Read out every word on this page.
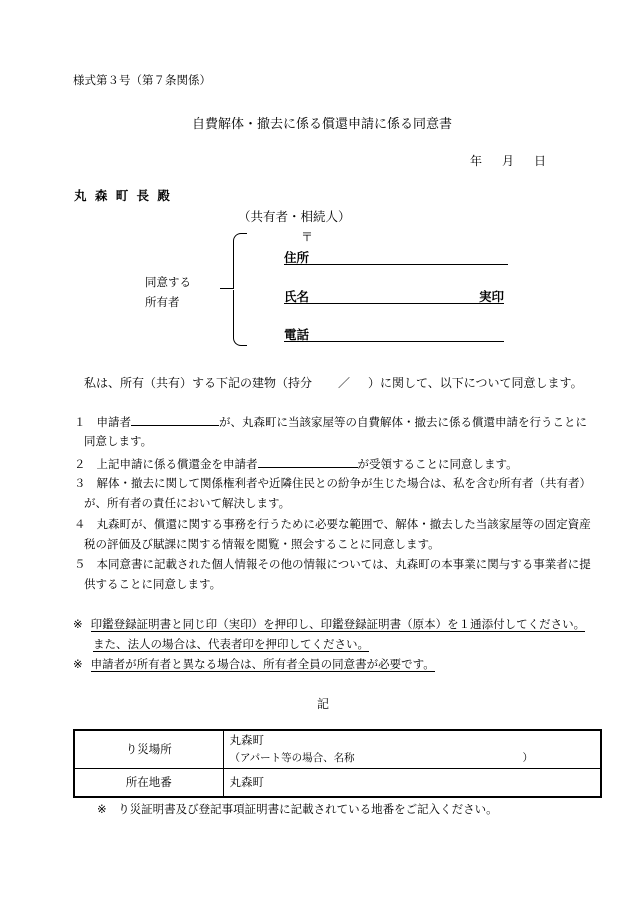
様式第３号（第７条関係）
自費解体・撤去に係る償還申請に係る同意書
年 月 日
丸 森 町 長 殿
（共有者・相続人）
〒
同意する
所有者
住所
氏名	実印
電話
私は、所有（共有）する下記の建物（持分 ／ ）に関して、以下について同意します。
１ 申請者	が、丸森町に当該家屋等の自費解体・撤去に係る償還申請を行うことに
同意します。
２ 上記申請に係る償還金を申請者	が受領することに同意します。
３ 解体・撤去に関して関係権利者や近隣住民との紛争が生じた場合は、私を含む所有者（共有者）
が、所有者の責任において解決します。
４ 丸森町が、償還に関する事務を行うために必要な範囲で、解体・撤去した当該家屋等の固定資産
税の評価及び賦課に関する情報を閲覧・照会することに同意します。
５ 本同意書に記載された個人情報その他の情報については、丸森町の本事業に関与する事業者に提
供することに同意します。
※ 印鑑登録証明書と同じ印（実印）を押印し、印鑑登録証明書（原本）を１通添付してください。
また、法人の場合は、代表者印を押印してください。
※ 申請者が所有者と異なる場合は、所有者全員の同意書が必要です。
記
り災場所	丸森町
（アパート等の場合、名称 ）

所在地番	丸森町
※　り災証明書及び登記事項証明書に記載されている地番をご記入ください。
